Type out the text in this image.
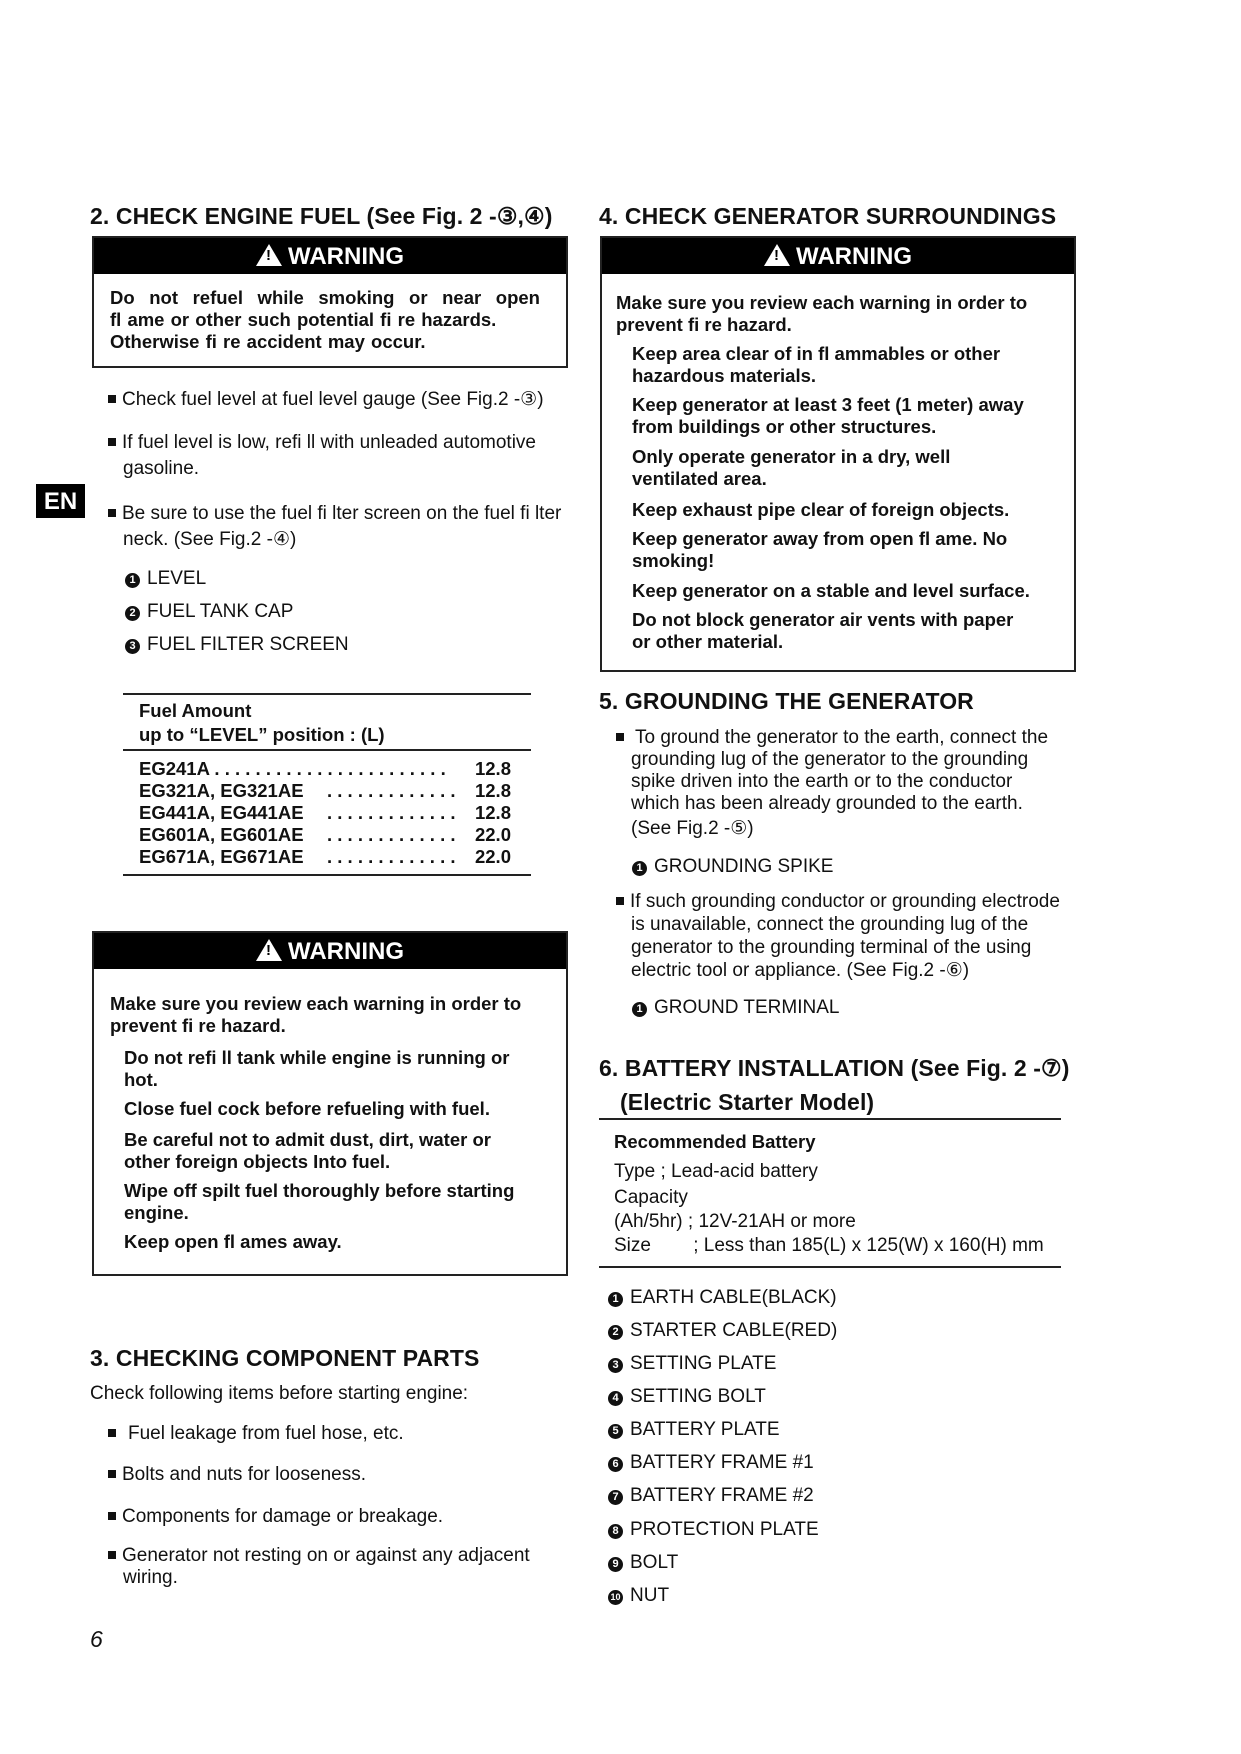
EN
2. CHECK ENGINE FUEL (See Fig. 2 -③,④)
!WARNING
Do not refuel while smoking or near open
fl ame or other such potential fi re hazards.
Otherwise fi re accident may occur.
Check fuel level at fuel level gauge (See Fig.2 -③)
If fuel level is low, refi ll with unleaded automotive
gasoline.
Be sure to use the fuel fi lter screen on the fuel fi lter
neck. (See Fig.2 -④)
1 LEVEL
2 FUEL TANK CAP
3 FUEL FILTER SCREEN
Fuel Amount
up to “LEVEL” position : (L)
EG241A . . . . . . . . . . . . . . . . . . . . . . . 12.8
EG321A, EG321AE . . . . . . . . . . . . . 12.8
EG441A, EG441AE . . . . . . . . . . . . . 12.8
EG601A, EG601AE . . . . . . . . . . . . . 22.0
EG671A, EG671AE . . . . . . . . . . . . . 22.0
!WARNING
Make sure you review each warning in order to
prevent fi re hazard.
Do not refi ll tank while engine is running or
hot.
Close fuel cock before refueling with fuel.
Be careful not to admit dust, dirt, water or
other foreign objects Into fuel.
Wipe off spilt fuel thoroughly before starting
engine.
Keep open fl ames away.
3. CHECKING COMPONENT PARTS
Check following items before starting engine:
Fuel leakage from fuel hose, etc.
Bolts and nuts for looseness.
Components for damage or breakage.
Generator not resting on or against any adjacent
wiring.
6
4. CHECK GENERATOR SURROUNDINGS
!WARNING
Make sure you review each warning in order to
prevent fi re hazard.
Keep area clear of in fl ammables or other
hazardous materials.
Keep generator at least 3 feet (1 meter) away
from buildings or other structures.
Only operate generator in a dry, well
ventilated area.
Keep exhaust pipe clear of foreign objects.
Keep generator away from open fl ame. No
smoking!
Keep generator on a stable and level surface.
Do not block generator air vents with paper
or other material.
5. GROUNDING THE GENERATOR
To ground the generator to the earth, connect the
grounding lug of the generator to the grounding
spike driven into the earth or to the conductor
which has been already grounded to the earth.
(See Fig.2 -⑤)
1 GROUNDING SPIKE
If such grounding conductor or grounding electrode
is unavailable, connect the grounding lug of the
generator to the grounding terminal of the using
electric tool or appliance. (See Fig.2 -⑥)
1 GROUND TERMINAL
6. BATTERY INSTALLATION (See Fig. 2 -⑦)
(Electric Starter Model)
Recommended Battery
Type ; Lead-acid battery
Capacity
(Ah/5hr) ; 12V-21AH or more
Size        ; Less than 185(L) x 125(W) x 160(H) mm
1 EARTH CABLE(BLACK)
2 STARTER CABLE(RED)
3 SETTING PLATE
4 SETTING BOLT
5 BATTERY PLATE
6 BATTERY FRAME #1
7 BATTERY FRAME #2
8 PROTECTION PLATE
9 BOLT
10 NUT
